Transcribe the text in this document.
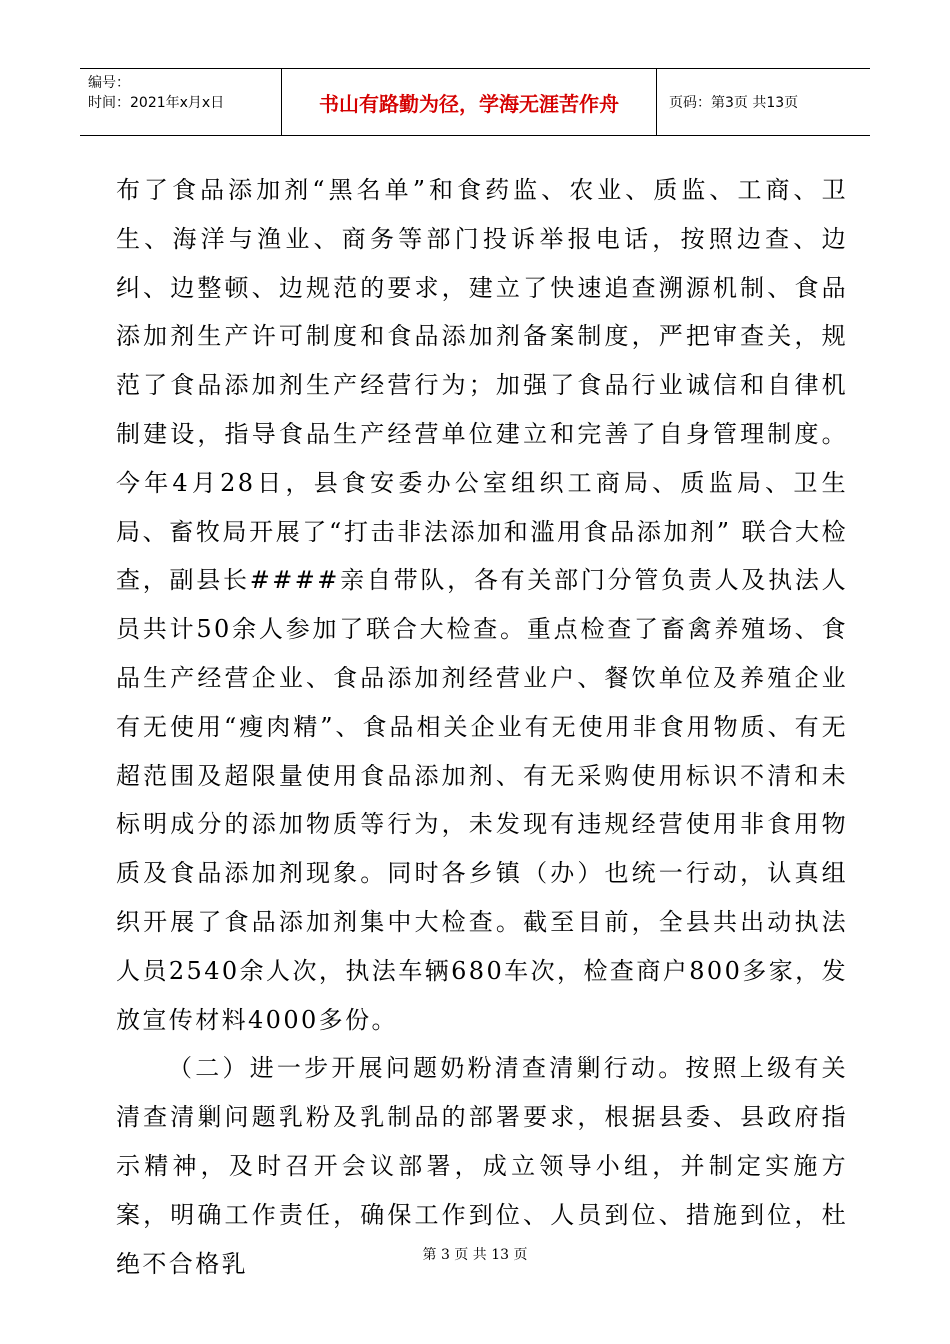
编号：
时间：2021年x月x日	书山有路勤为径，学海无涯苦作舟	页码：第3页 共13页

布了食品添加剂“黑名单”和食药监、农业、质监、工商、卫生、海洋与渔业、商务等部门投诉举报电话，按照边查、边纠、边整顿、边规范的要求，建立了快速追查溯源机制、食品添加剂生产许可制度和食品添加剂备案制度，严把审查关，规范了食品添加剂生产经营行为；加强了食品行业诚信和自律机制建设，指导食品生产经营单位建立和完善了自身管理制度。今年4月28日，县食安委办公室组织工商局、质监局、卫生局、畜牧局开展了“打击非法添加和滥用食品添加剂” 联合大检查，副县长####亲自带队，各有关部门分管负责人及执法人员共计50余人参加了联合大检查。重点检查了畜禽养殖场、食品生产经营企业、食品添加剂经营业户、餐饮单位及养殖企业有无使用“瘦肉精”、食品相关企业有无使用非食用物质、有无超范围及超限量使用食品添加剂、有无采购使用标识不清和未标明成分的添加物质等行为，未发现有违规经营使用非食用物质及食品添加剂现象。同时各乡镇（办）也统一行动，认真组织开展了食品添加剂集中大检查。截至目前，全县共出动执法人员2540余人次，执法车辆680车次，检查商户800多家，发放宣传材料4000多份。

（二）进一步开展问题奶粉清查清剿行动。按照上级有关清查清剿问题乳粉及乳制品的部署要求，根据县委、县政府指示精神，及时召开会议部署，成立领导小组，并制定实施方案，明确工作责任，确保工作到位、人员到位、措施到位，杜绝不合格乳	第 3 页 共 13 页
